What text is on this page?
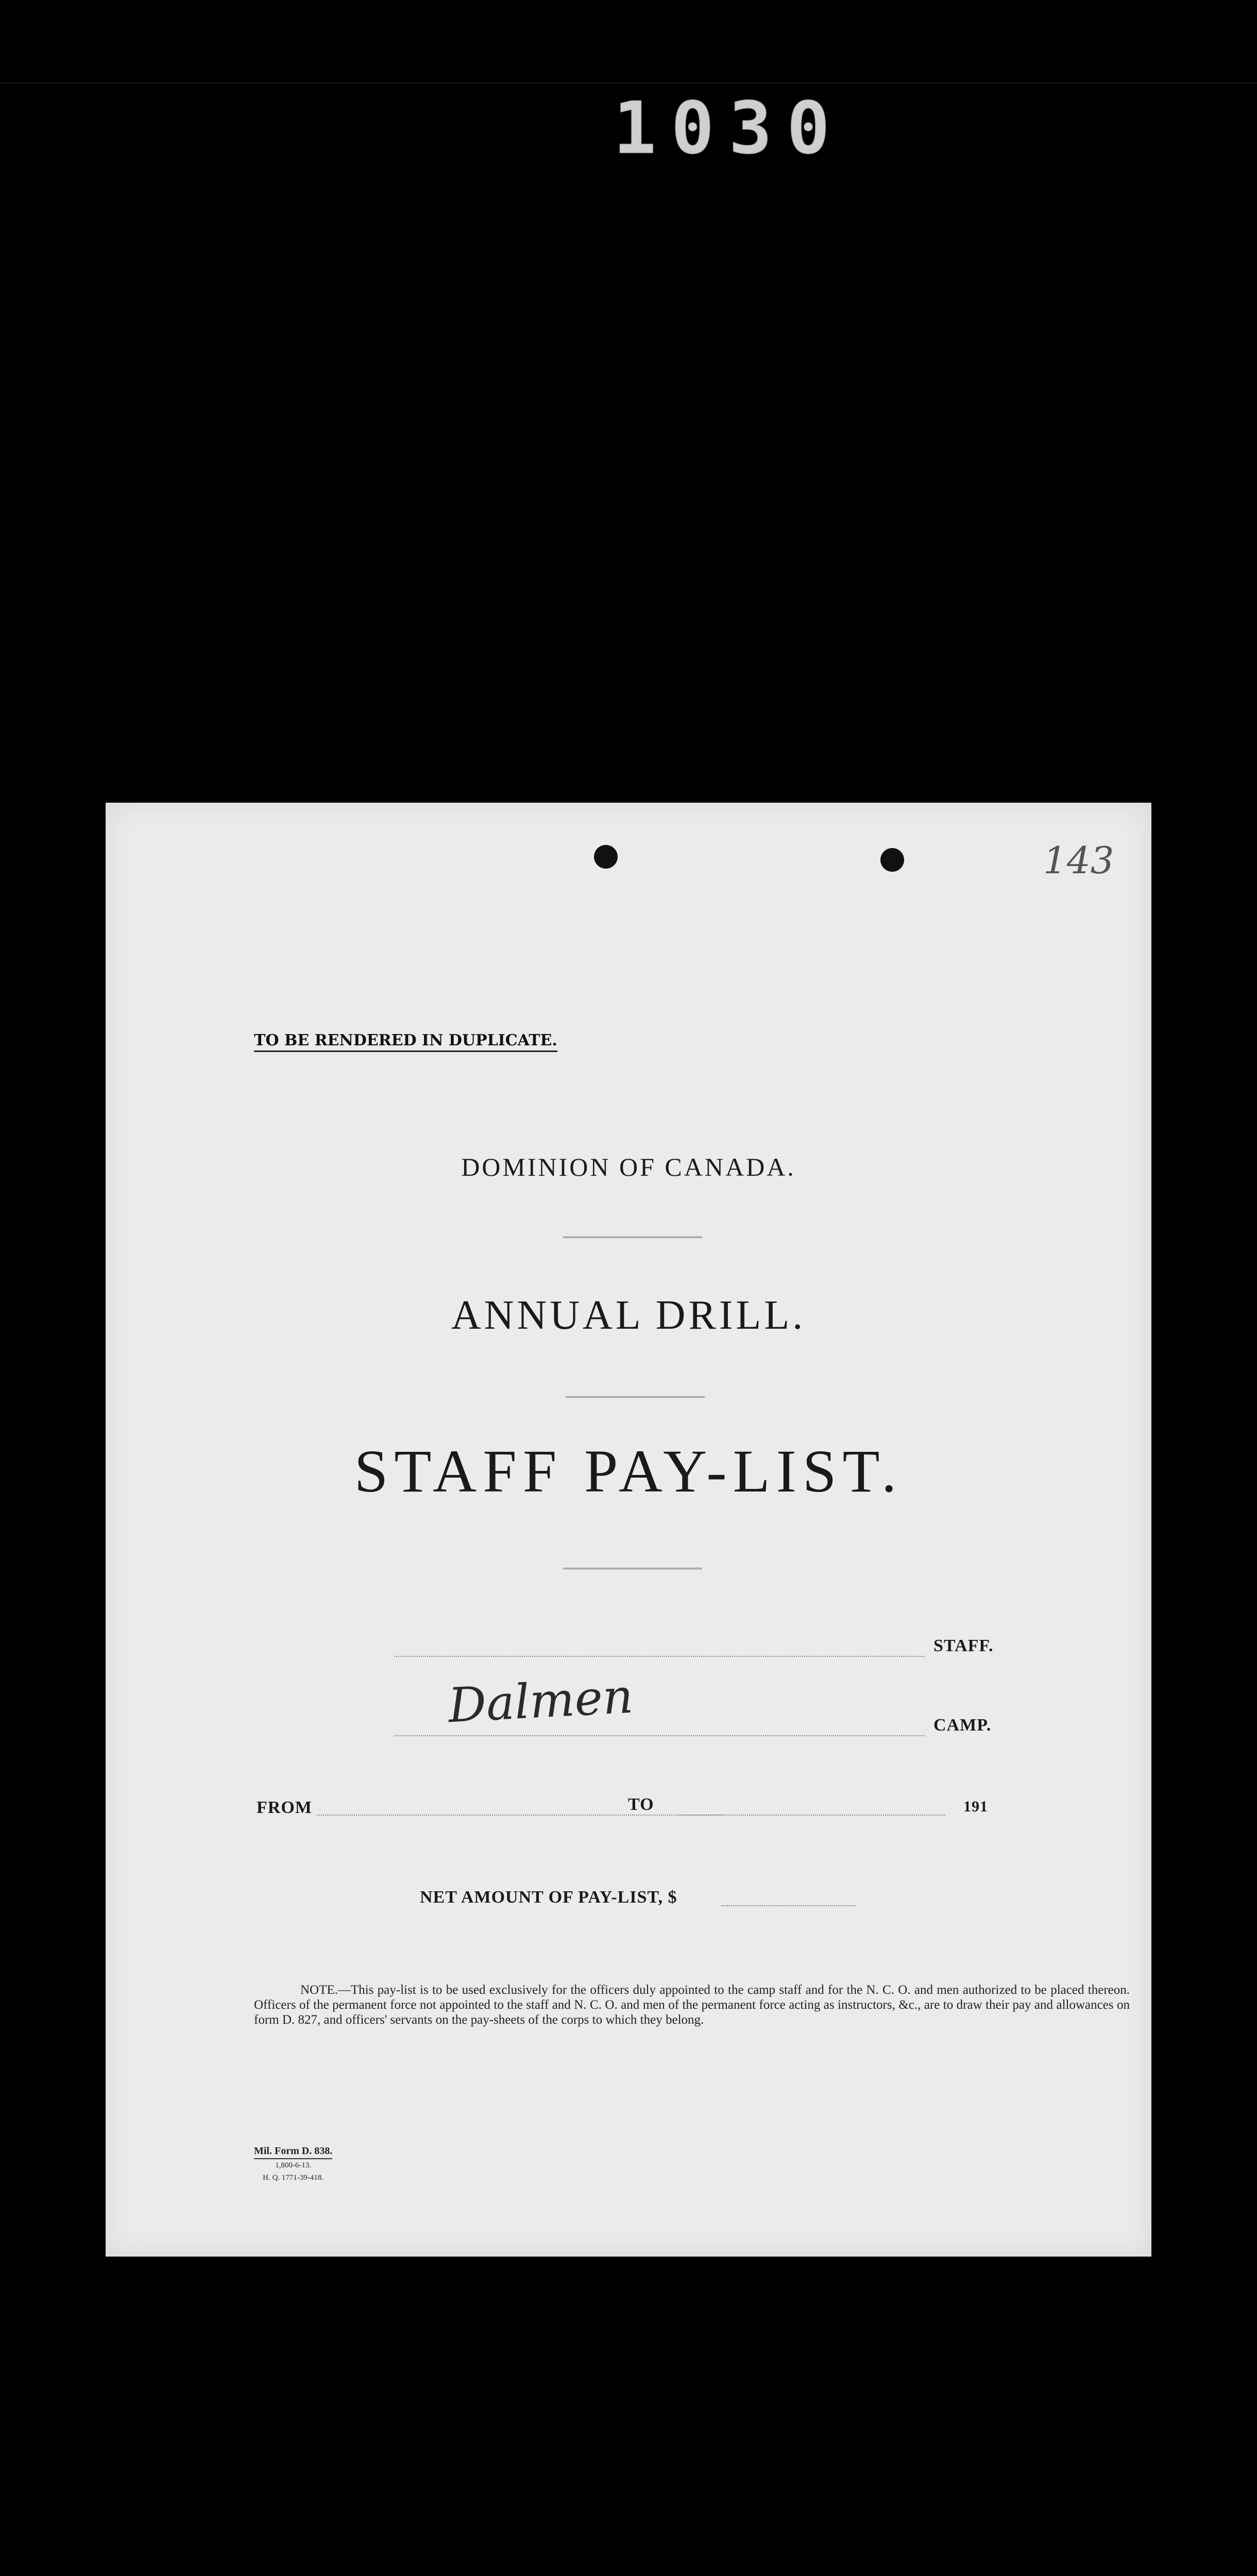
1030
143
TO BE RENDERED IN DUPLICATE.
DOMINION OF CANADA.
ANNUAL DRILL.
STAFF PAY-LIST.
STAFF.
Dalmen	CAMP.
FROM	TO	191
NET AMOUNT OF PAY-LIST, $
NOTE.—This pay-list is to be used exclusively for the officers duly appointed to the camp staff and for the N. C. O. and men authorized to be placed thereon. Officers of the permanent force not appointed to the staff and N. C. O. and men of the permanent force acting as instructors, &c., are to draw their pay and allowances on form D. 827, and officers' servants on the pay-sheets of the corps to which they belong.
Mil. Form D. 838.
1,800-6-13.
H. Q. 1771-39-418.
